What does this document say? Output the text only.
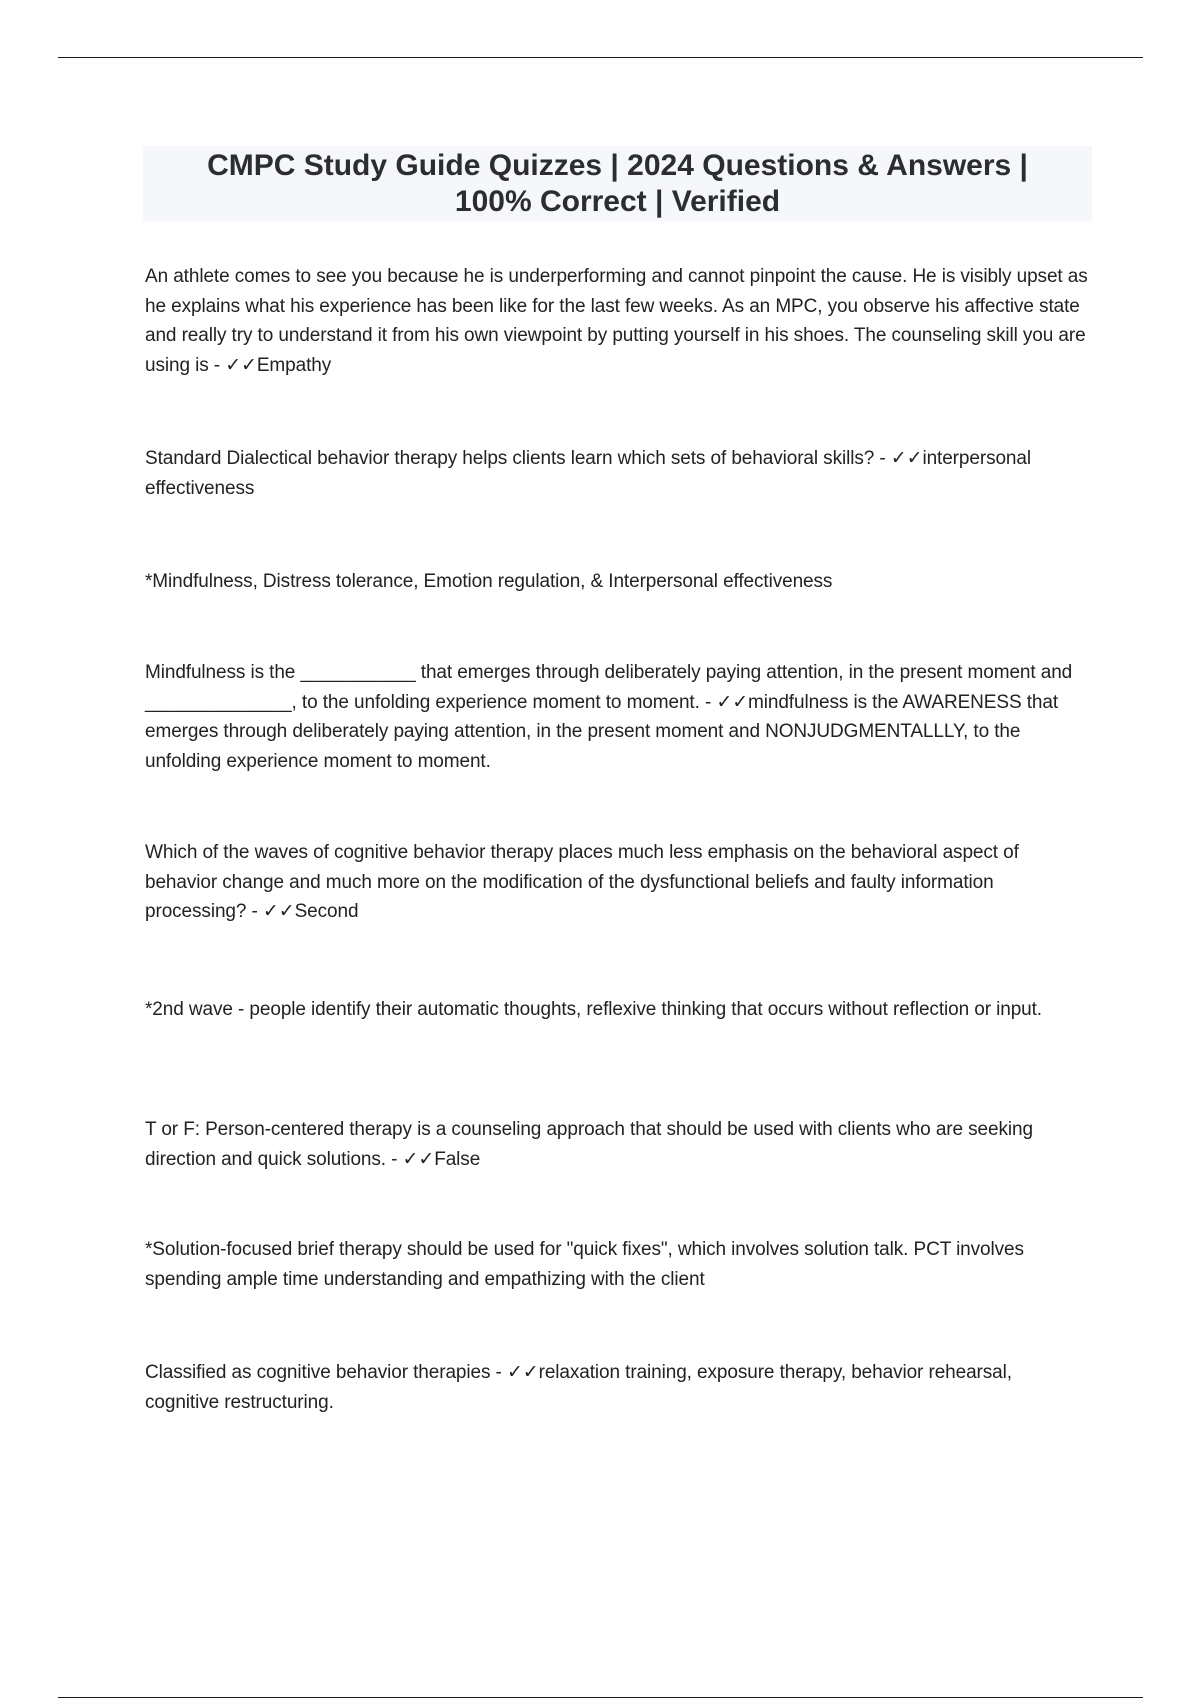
CMPC Study Guide Quizzes | 2024 Questions & Answers | 100% Correct | Verified

An athlete comes to see you because he is underperforming and cannot pinpoint the cause. He is visibly upset as he explains what his experience has been like for the last few weeks. As an MPC, you observe his affective state and really try to understand it from his own viewpoint by putting yourself in his shoes. The counseling skill you are using is - ✓✓Empathy

Standard Dialectical behavior therapy helps clients learn which sets of behavioral skills? - ✓✓interpersonal effectiveness

*Mindfulness, Distress tolerance, Emotion regulation, & Interpersonal effectiveness

Mindfulness is the ___________ that emerges through deliberately paying attention, in the present moment and ______________, to the unfolding experience moment to moment. - ✓✓mindfulness is the AWARENESS that emerges through deliberately paying attention, in the present moment and NONJUDGMENTALLLY, to the unfolding experience moment to moment.

Which of the waves of cognitive behavior therapy places much less emphasis on the behavioral aspect of behavior change and much more on the modification of the dysfunctional beliefs and faulty information processing? - ✓✓Second

*2nd wave - people identify their automatic thoughts, reflexive thinking that occurs without reflection or input.

T or F: Person-centered therapy is a counseling approach that should be used with clients who are seeking direction and quick solutions. - ✓✓False

*Solution-focused brief therapy should be used for "quick fixes", which involves solution talk. PCT involves spending ample time understanding and empathizing with the client

Classified as cognitive behavior therapies - ✓✓relaxation training, exposure therapy, behavior rehearsal, cognitive restructuring.
